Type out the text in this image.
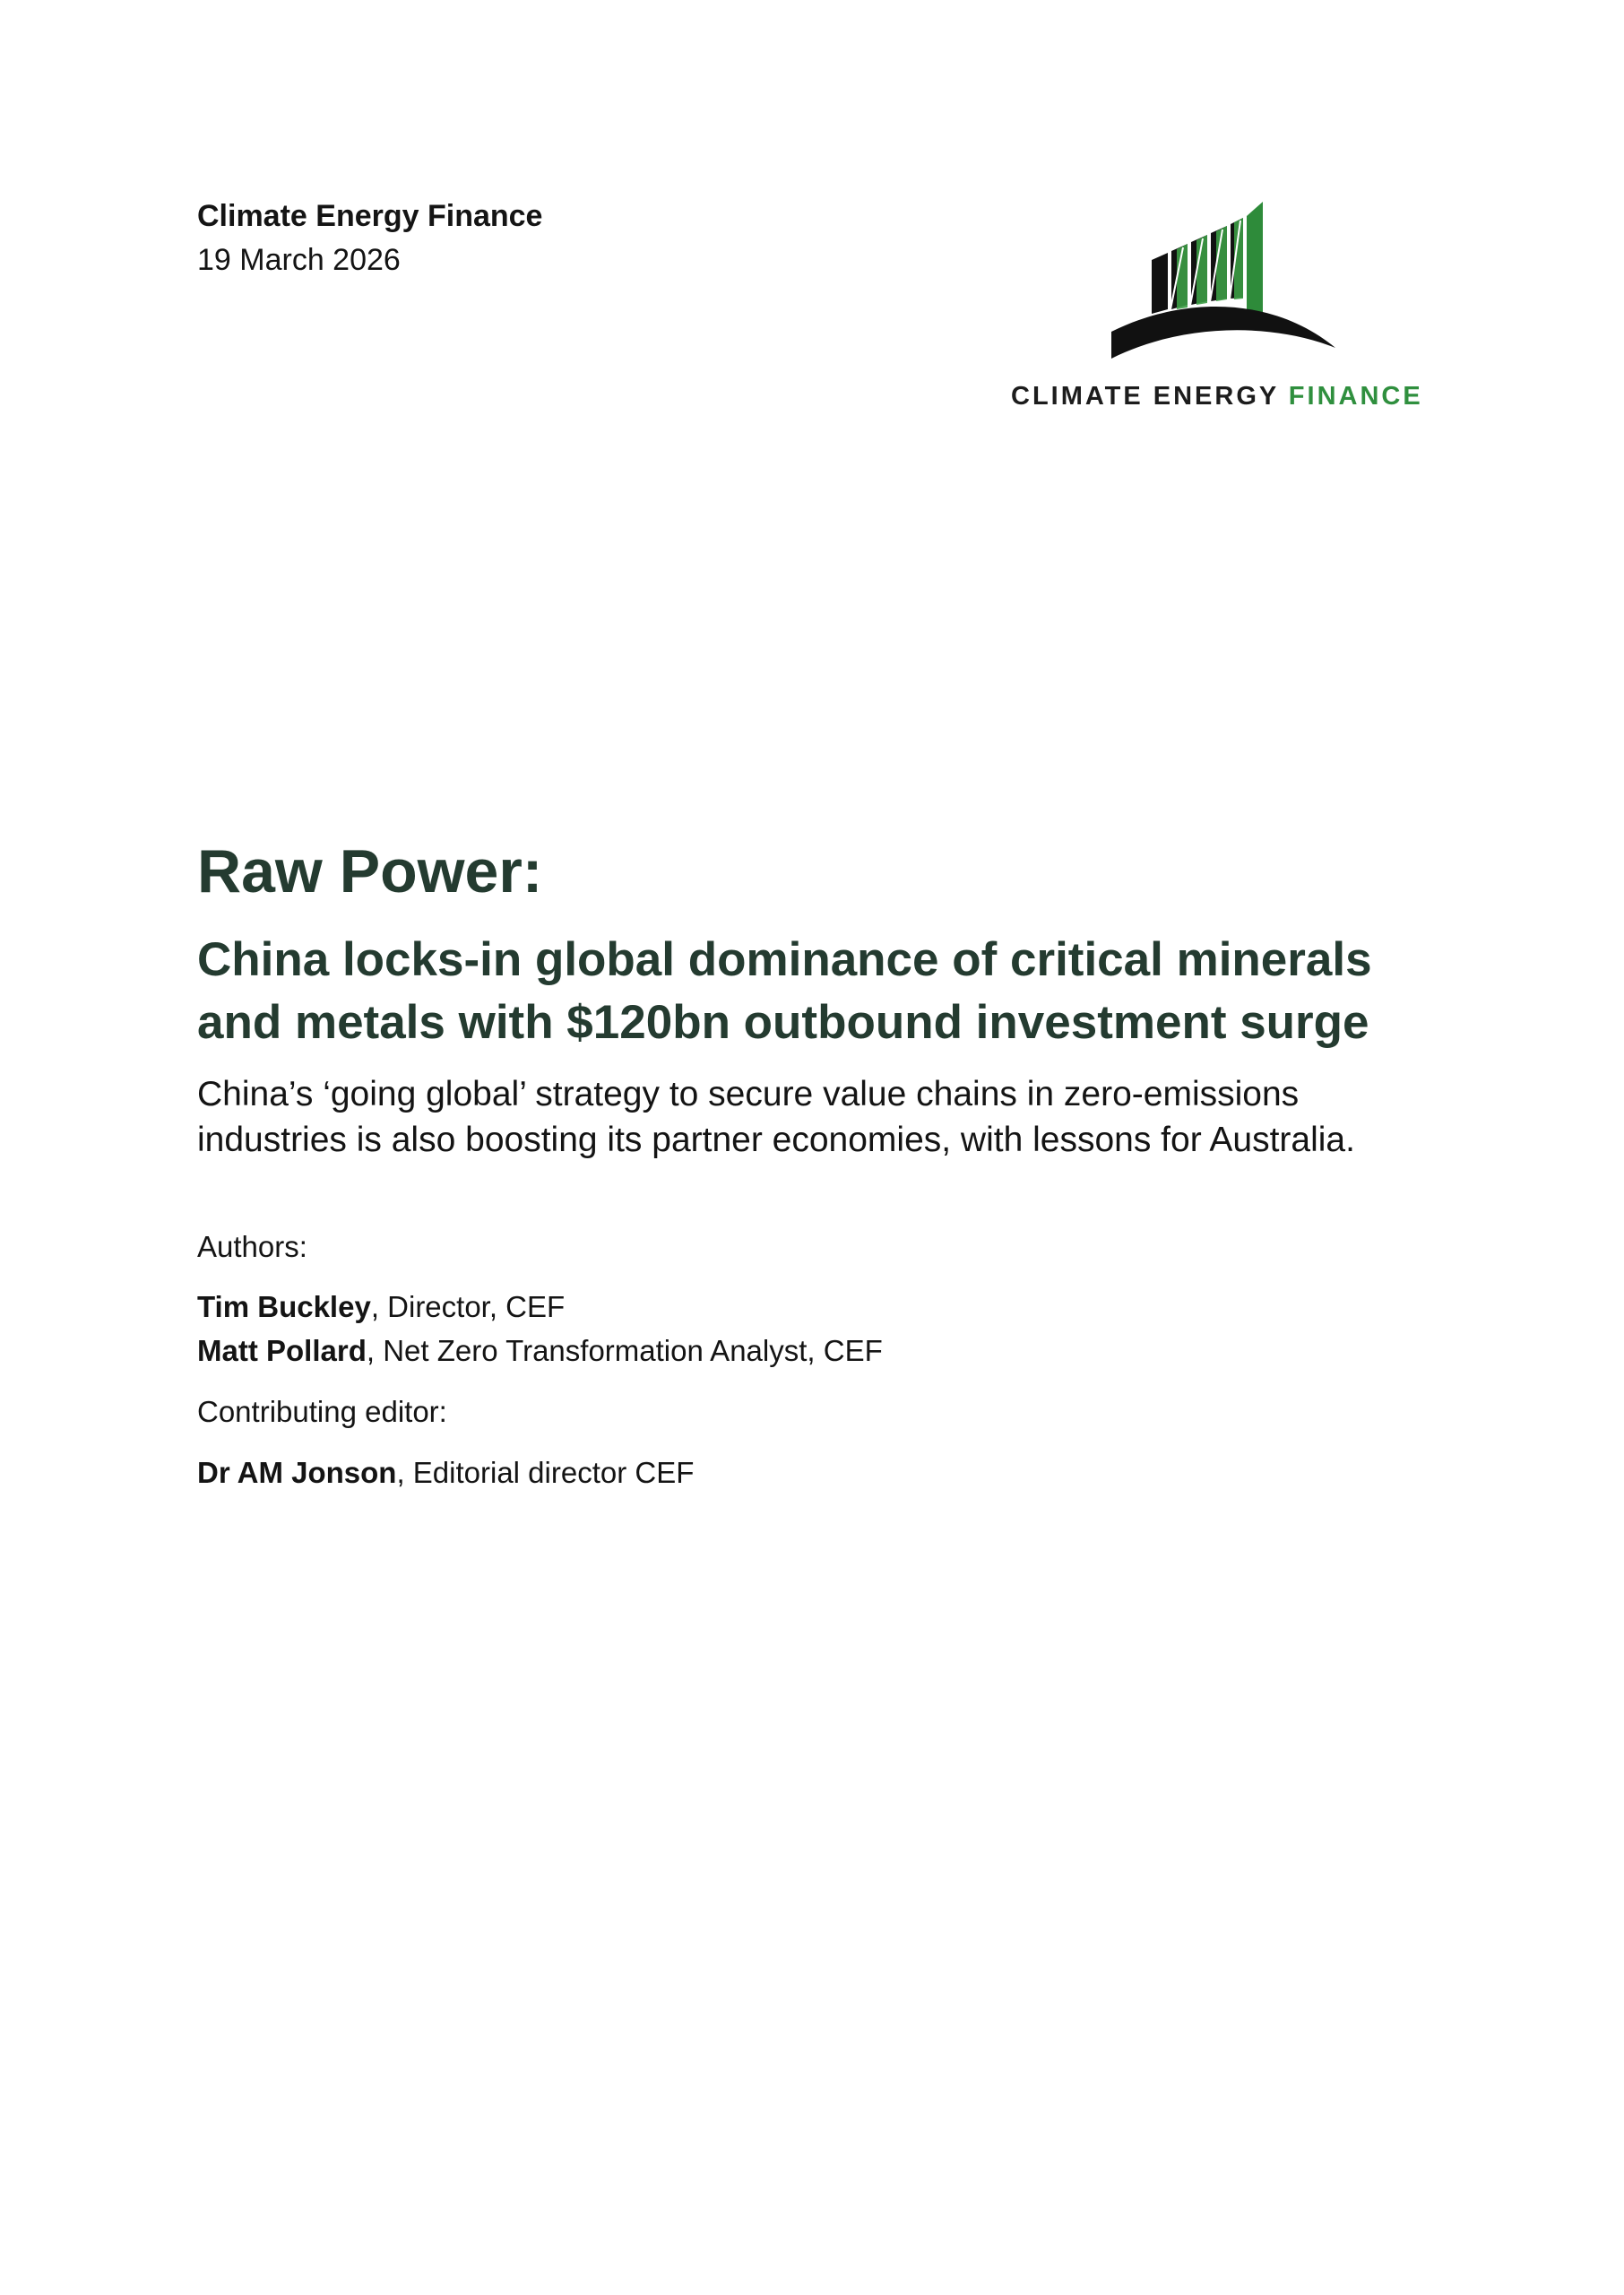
Climate Energy Finance
19 March 2026
CLIMATE ENERGY FINANCE
Raw Power:
China locks-in global dominance of critical minerals
and metals with $120bn outbound investment surge
China’s ‘going global’ strategy to secure value chains in zero-emissions
industries is also boosting its partner economies, with lessons for Australia.
Authors:
Tim Buckley, Director, CEF
Matt Pollard, Net Zero Transformation Analyst, CEF
Contributing editor:
Dr AM Jonson, Editorial director CEF
